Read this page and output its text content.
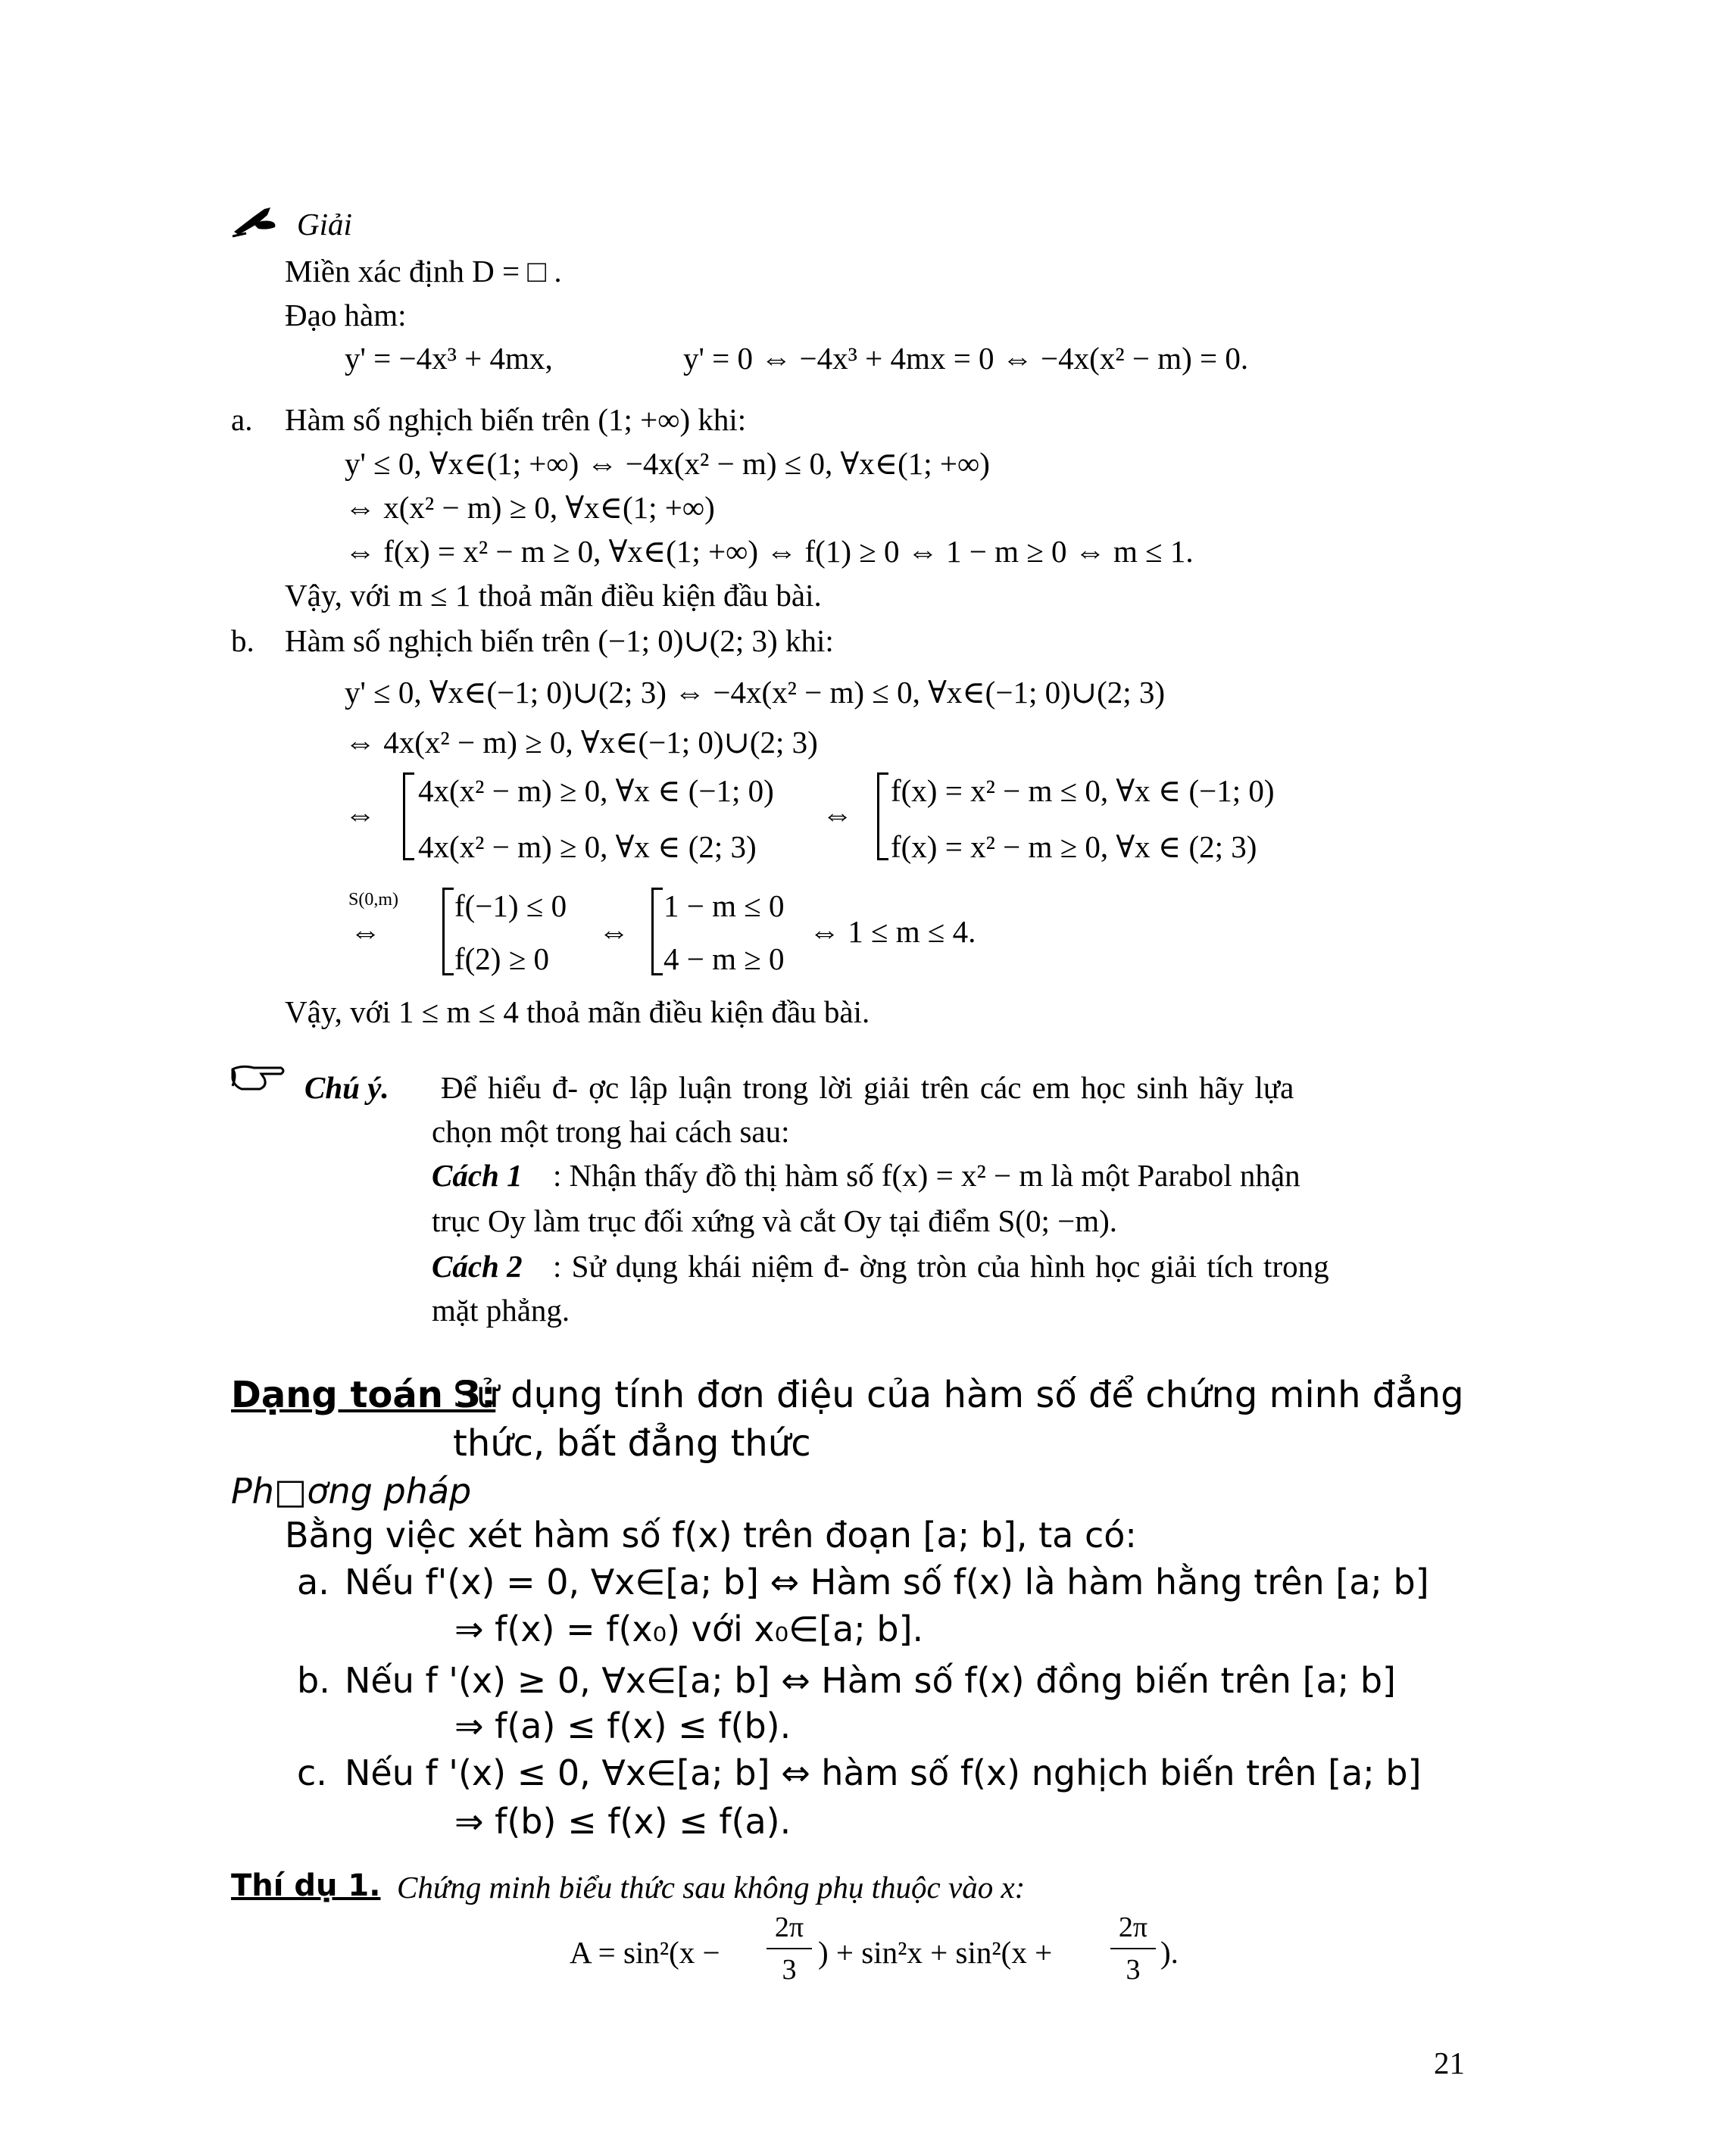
Giải
Miền xác định D = □ .
Đạo hàm:
y' = −4x³ + 4mx,	y' = 0 ⇔ −4x³ + 4mx = 0 ⇔ −4x(x² − m) = 0.
a. Hàm số nghịch biến trên (1; +∞) khi:
y' ≤ 0, ∀x∈(1; +∞) ⇔ −4x(x² − m) ≤ 0, ∀x∈(1; +∞)
⇔ x(x² − m) ≥ 0, ∀x∈(1; +∞)
⇔ f(x) = x² − m ≥ 0, ∀x∈(1; +∞) ⇔ f(1) ≥ 0 ⇔ 1 − m ≥ 0 ⇔ m ≤ 1.
Vậy, với m ≤ 1 thoả mãn điều kiện đầu bài.
b. Hàm số nghịch biến trên (−1; 0)∪(2; 3) khi:
y' ≤ 0, ∀x∈(−1; 0)∪(2; 3) ⇔ −4x(x² − m) ≤ 0, ∀x∈(−1; 0)∪(2; 3)
⇔ 4x(x² − m) ≥ 0, ∀x∈(−1; 0)∪(2; 3)
⇔
4x(x² − m) ≥ 0, ∀x ∈ (−1; 0)
4x(x² − m) ≥ 0, ∀x ∈ (2; 3)
⇔
f(x) = x² − m ≤ 0, ∀x ∈ (−1; 0)
f(x) = x² − m ≥ 0, ∀x ∈ (2; 3)
S(0,m)
⇔
f(−1) ≤ 0
f(2) ≥ 0
⇔
1 − m ≤ 0
4 − m ≥ 0
⇔ 1 ≤ m ≤ 4.
Vậy, với 1 ≤ m ≤ 4 thoả mãn điều kiện đầu bài.
Chú ý. Để hiểu đ- ợc lập luận trong lời giải trên các em học sinh hãy lựa
chọn một trong hai cách sau:
Cách 1 : Nhận thấy đồ thị hàm số f(x) = x² − m là một Parabol nhận
trục Oy làm trục đối xứng và cắt Oy tại điểm S(0; −m).
Cách 2 : Sử dụng khái niệm đ- ờng tròn của hình học giải tích trong
mặt phẳng.
Dạng toán 3:
Sử dụng tính đơn điệu của hàm số để chứng minh đẳng
thức, bất đẳng thức
Ph□ơng pháp
Bằng việc xét hàm số f(x) trên đoạn [a; b], ta có:
a. Nếu f'(x) = 0, ∀x∈[a; b] ⇔ Hàm số f(x) là hàm hằng trên [a; b]
⇒ f(x) = f(x₀) với x₀∈[a; b].
b. Nếu f '(x) ≥ 0, ∀x∈[a; b] ⇔ Hàm số f(x) đồng biến trên [a; b]
⇒ f(a) ≤ f(x) ≤ f(b).
c. Nếu f '(x) ≤ 0, ∀x∈[a; b] ⇔ hàm số f(x) nghịch biến trên [a; b]
⇒ f(b) ≤ f(x) ≤ f(a).
Thí dụ 1. Chứng minh biểu thức sau không phụ thuộc vào x:
A = sin²(x −
2π
3 ) + sin²x + sin²(x +
2π
3 ).
21
